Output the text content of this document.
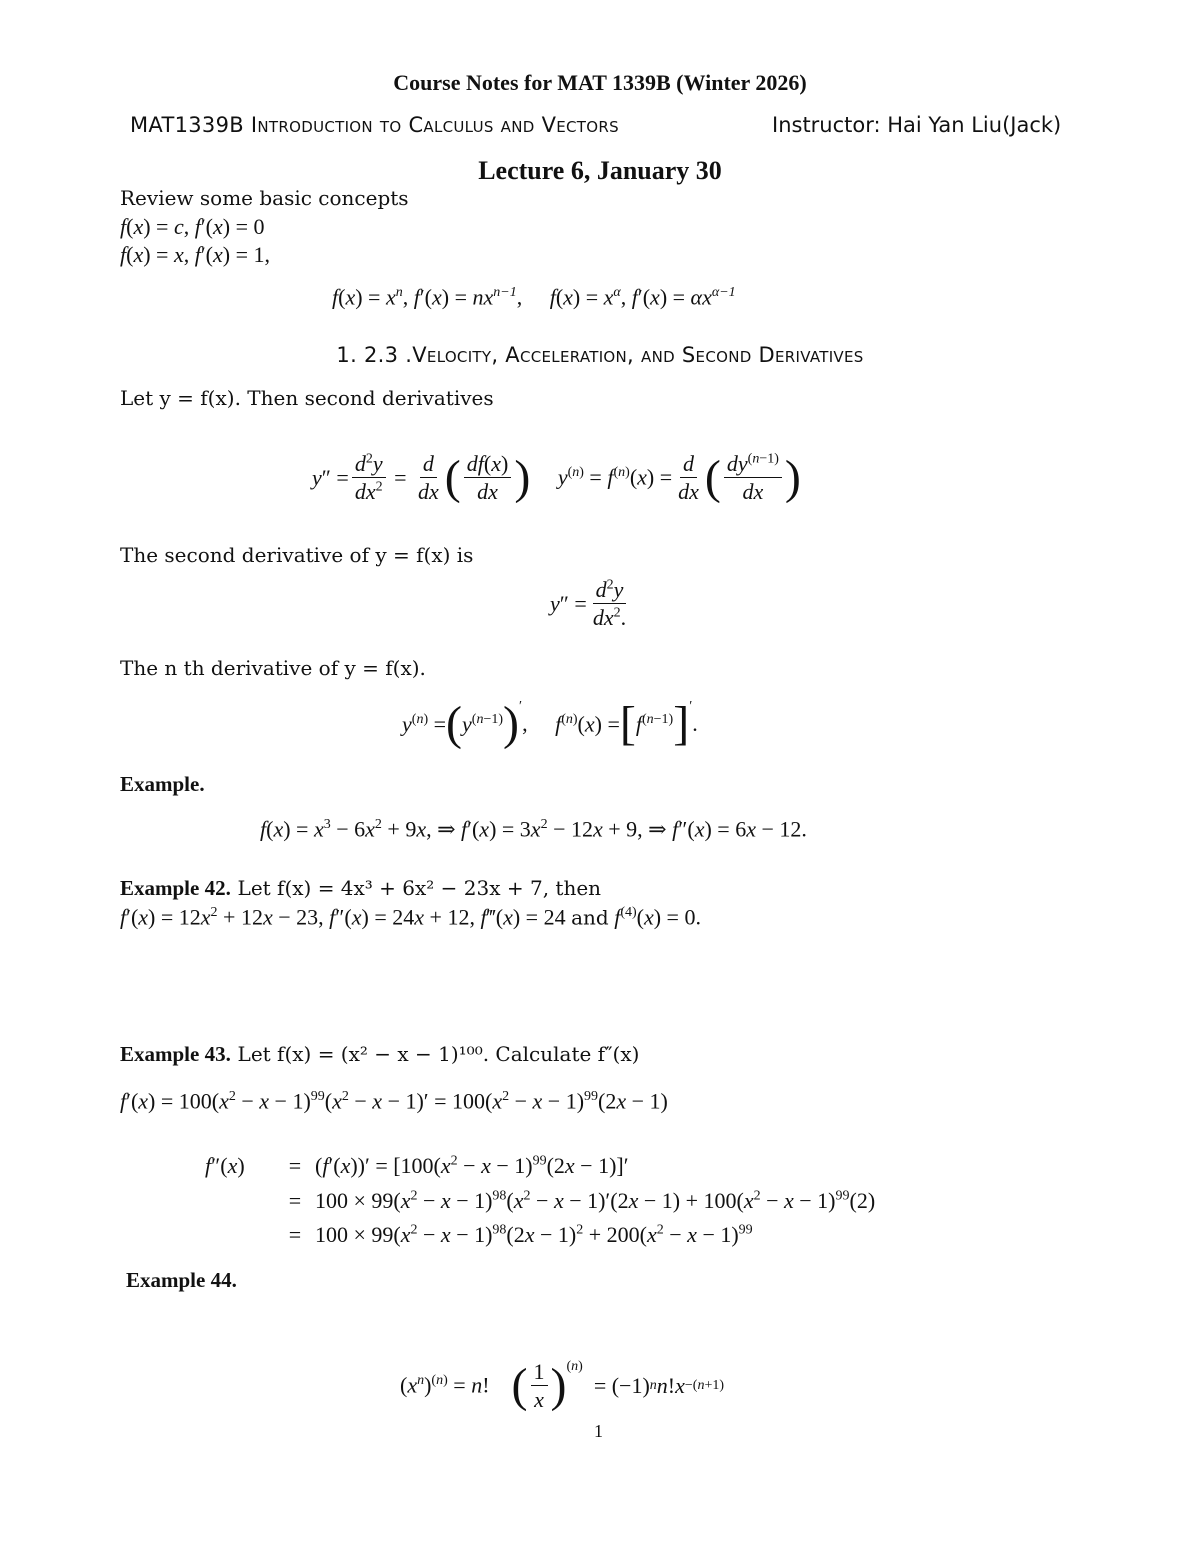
Course Notes for MAT 1339B (Winter 2026)
MAT1339B Introduction to Calculus and Vectors	Instructor: Hai Yan Liu(Jack)
Lecture 6, January 30
Review some basic concepts
f(x) = c, f′(x) = 0
f(x) = x, f′(x) = 1,
$f(x) = x^n$, $f'(x) = nx^{n-1}$,     $f(x) = x^\alpha$, $f'(x) = \alpha x^{\alpha-1}$
1. 2.3 .Velocity, Acceleration, and Second Derivatives
Let y = f(x). Then second derivatives
$y'' = \frac{d^2y}{dx^2} = \frac{d}{dx}$ ( $\frac{df(x)}{dx}$ )
$y^{(n)} = f^{(n)}(x) = \frac{d}{dx}$ ( $\frac{dy^{(n-1)}}{dx}$ )
The second derivative of y = f(x) is
$y'' = \frac{d^2y}{dx^2.}$
The n th derivative of y = f(x).
$y^{(n)}$ = ( $y^{(n-1)}$ )′
, $f^{(n)}(x)$ = [ $f^{(n-1)}$ ]′
.
Example.
$f(x) = x^3 - 6x^2 + 9x$, ⇒ $f'(x) = 3x^2 - 12x + 9$, ⇒ f″(x) = 6x − 12.
Example 42. Let f(x) = 4x³ + 6x² − 23x + 7, then
$f'(x) = 12x^2 + 12x - 23$, f″(x) = 24x + 12, f‴(x) = 24 and $f^{(4)}(x) = 0$.
Example 43. Let f(x) = (x² − x − 1)¹⁰⁰. Calculate f″(x)
$f'(x) = 100(x^2 - x - 1)^{99}(x^2 - x - 1)' = 100(x^2 - x - 1)^{99}(2x - 1)$
f″(x)	= $(f'(x))' = [100(x^2 - x - 1)^{99}(2x - 1)]'$
= $100 \times 99(x^2 - x - 1)^{98}(x^2 - x - 1)'(2x - 1) + 100(x^2 - x - 1)^{99}(2)$
= $100 \times 99(x^2 - x - 1)^{98}(2x - 1)^2 + 200(x^2 - x - 1)^{99}$
Example 44.
$(x^n)^{(n)} = n$! ( $\frac{1}{x} )^($ n )
= (−1) n n!x −( n +1)
1
